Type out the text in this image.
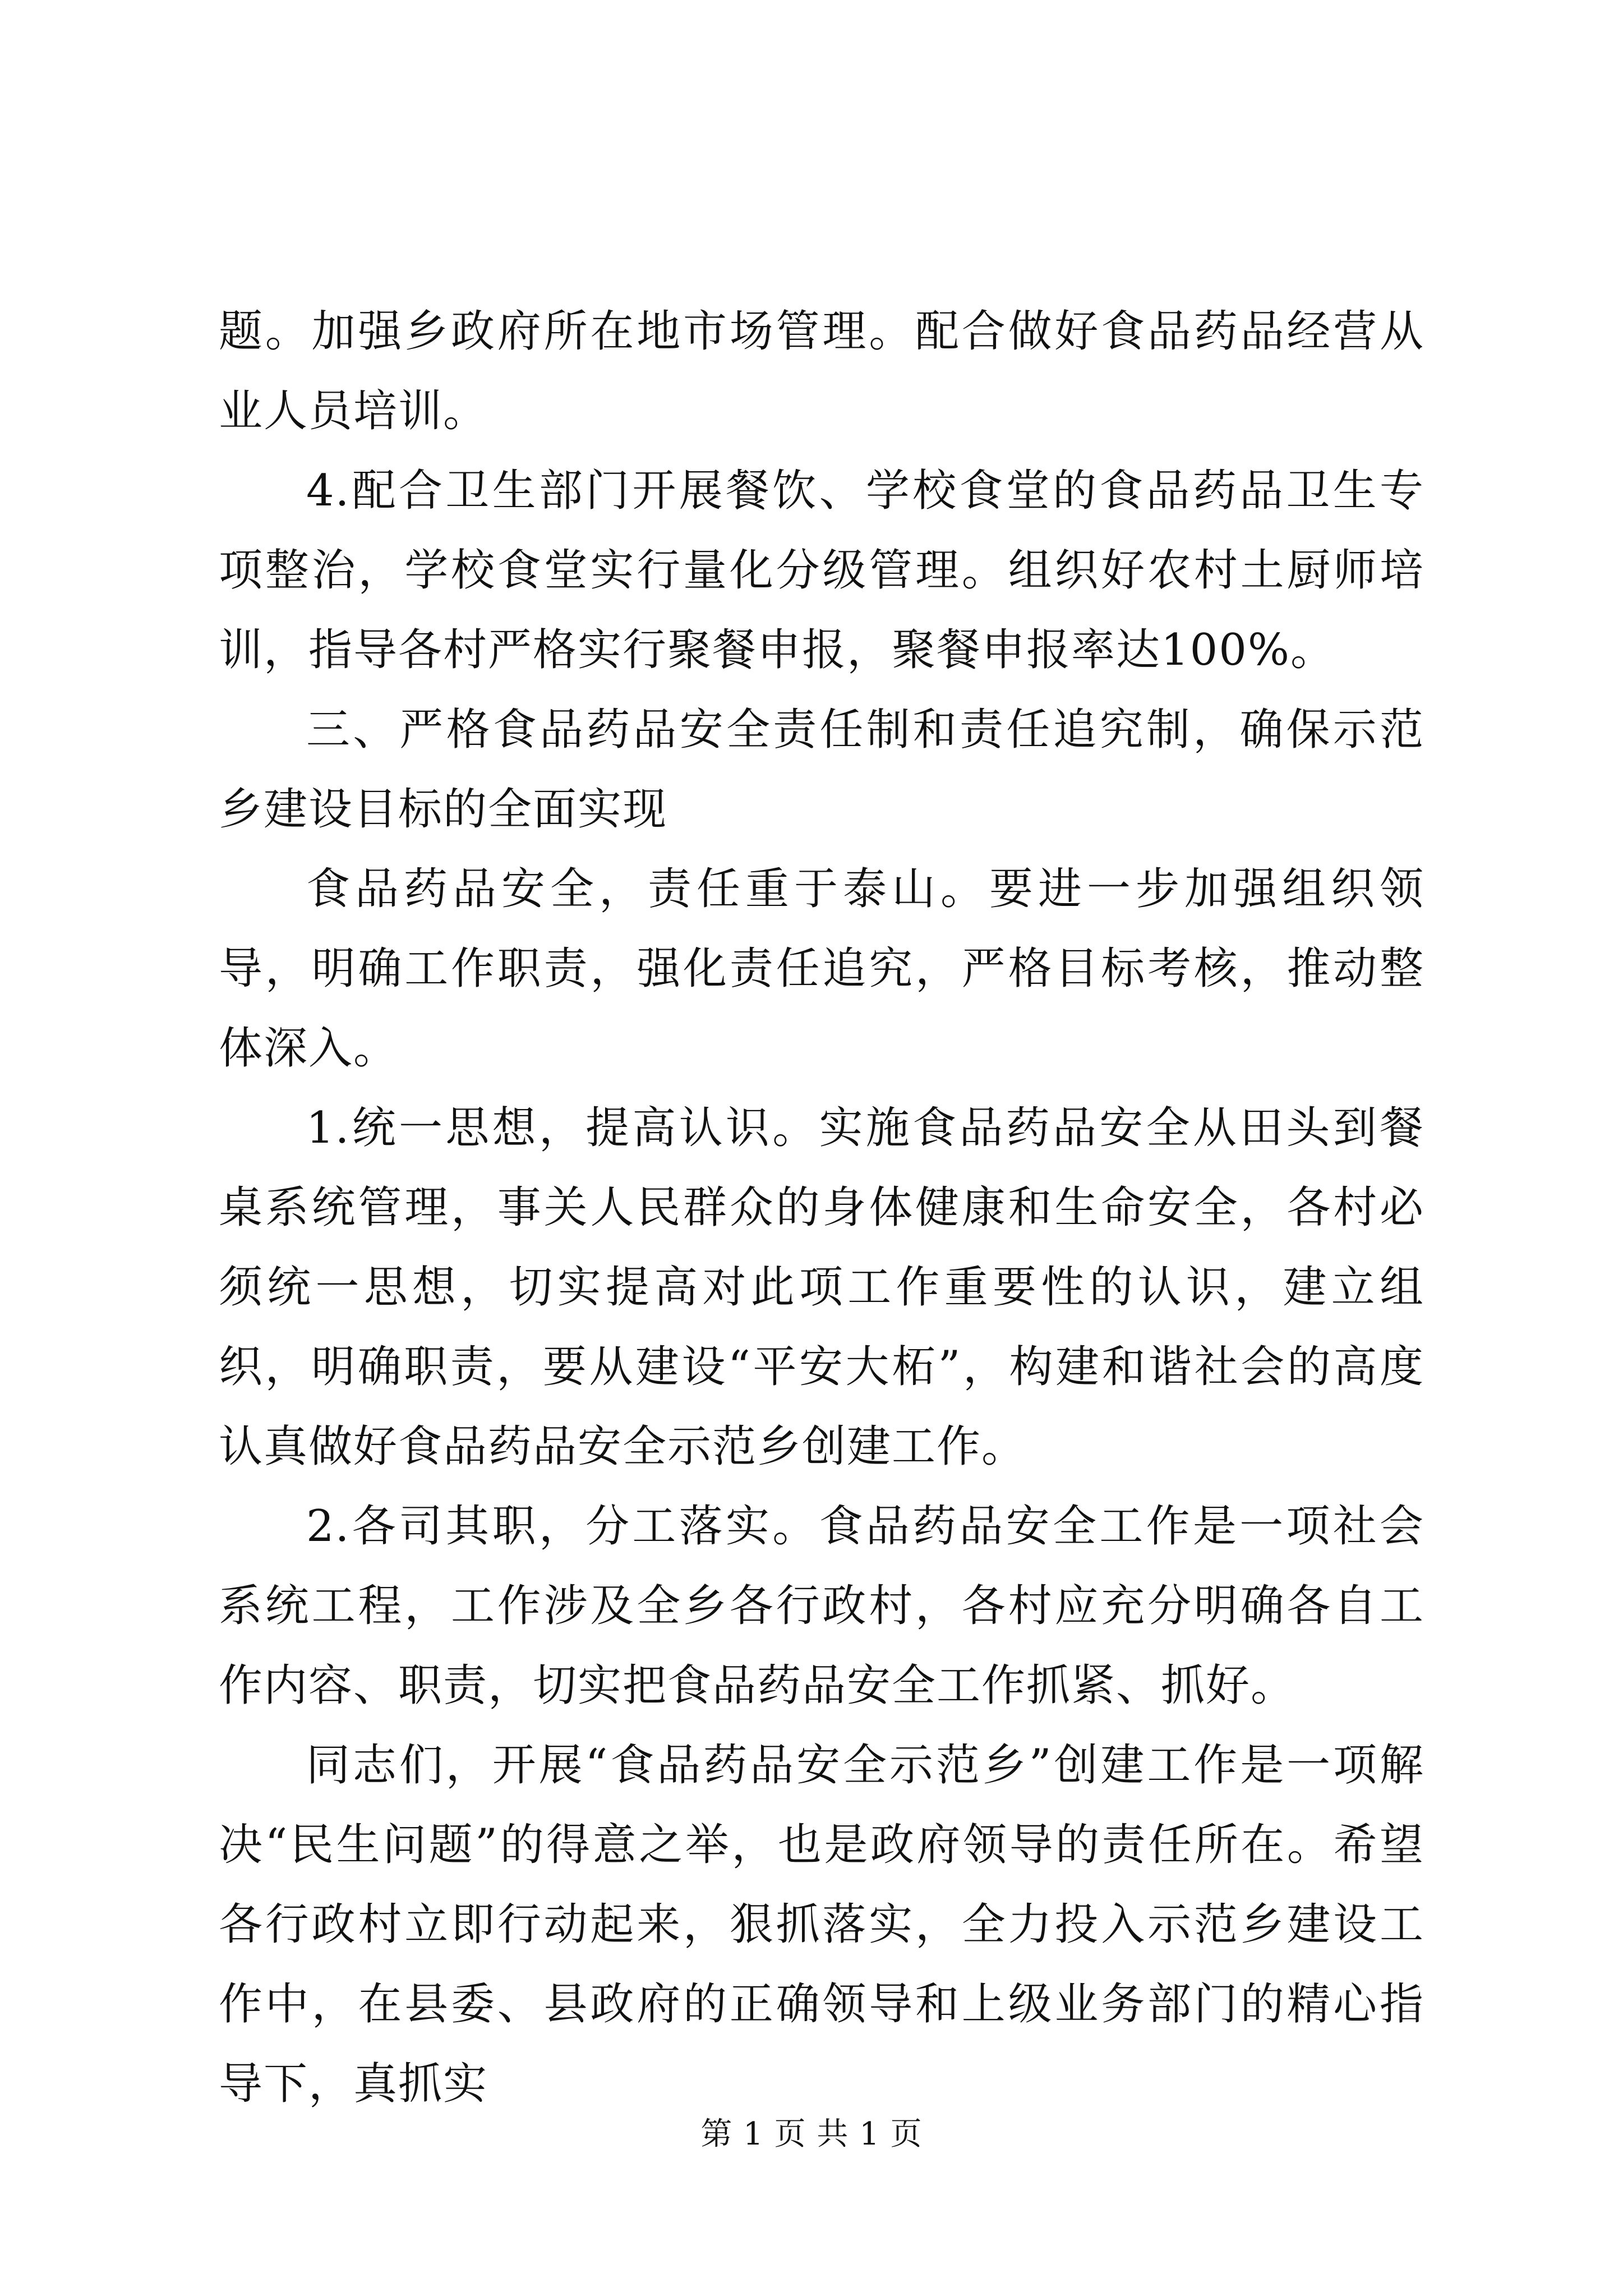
题。加强乡政府所在地市场管理。配合做好食品药品经营从业人员培训。

4.配合卫生部门开展餐饮、学校食堂的食品药品卫生专项整治，学校食堂实行量化分级管理。组织好农村土厨师培训，指导各村严格实行聚餐申报，聚餐申报率达100%。

三、严格食品药品安全责任制和责任追究制，确保示范乡建设目标的全面实现

食品药品安全，责任重于泰山。要进一步加强组织领导，明确工作职责，强化责任追究，严格目标考核，推动整体深入。

1.统一思想，提高认识。实施食品药品安全从田头到餐桌系统管理，事关人民群众的身体健康和生命安全，各村必须统一思想，切实提高对此项工作重要性的认识，建立组织，明确职责，要从建设“平安大柘”，构建和谐社会的高度认真做好食品药品安全示范乡创建工作。

2.各司其职，分工落实。食品药品安全工作是一项社会系统工程，工作涉及全乡各行政村，各村应充分明确各自工作内容、职责，切实把食品药品安全工作抓紧、抓好。

同志们，开展“食品药品安全示范乡”创建工作是一项解决“民生问题”的得意之举，也是政府领导的责任所在。希望各行政村立即行动起来，狠抓落实，全力投入示范乡建设工作中，在县委、县政府的正确领导和上级业务部门的精心指导下，真抓实

第 1 页 共 1 页
